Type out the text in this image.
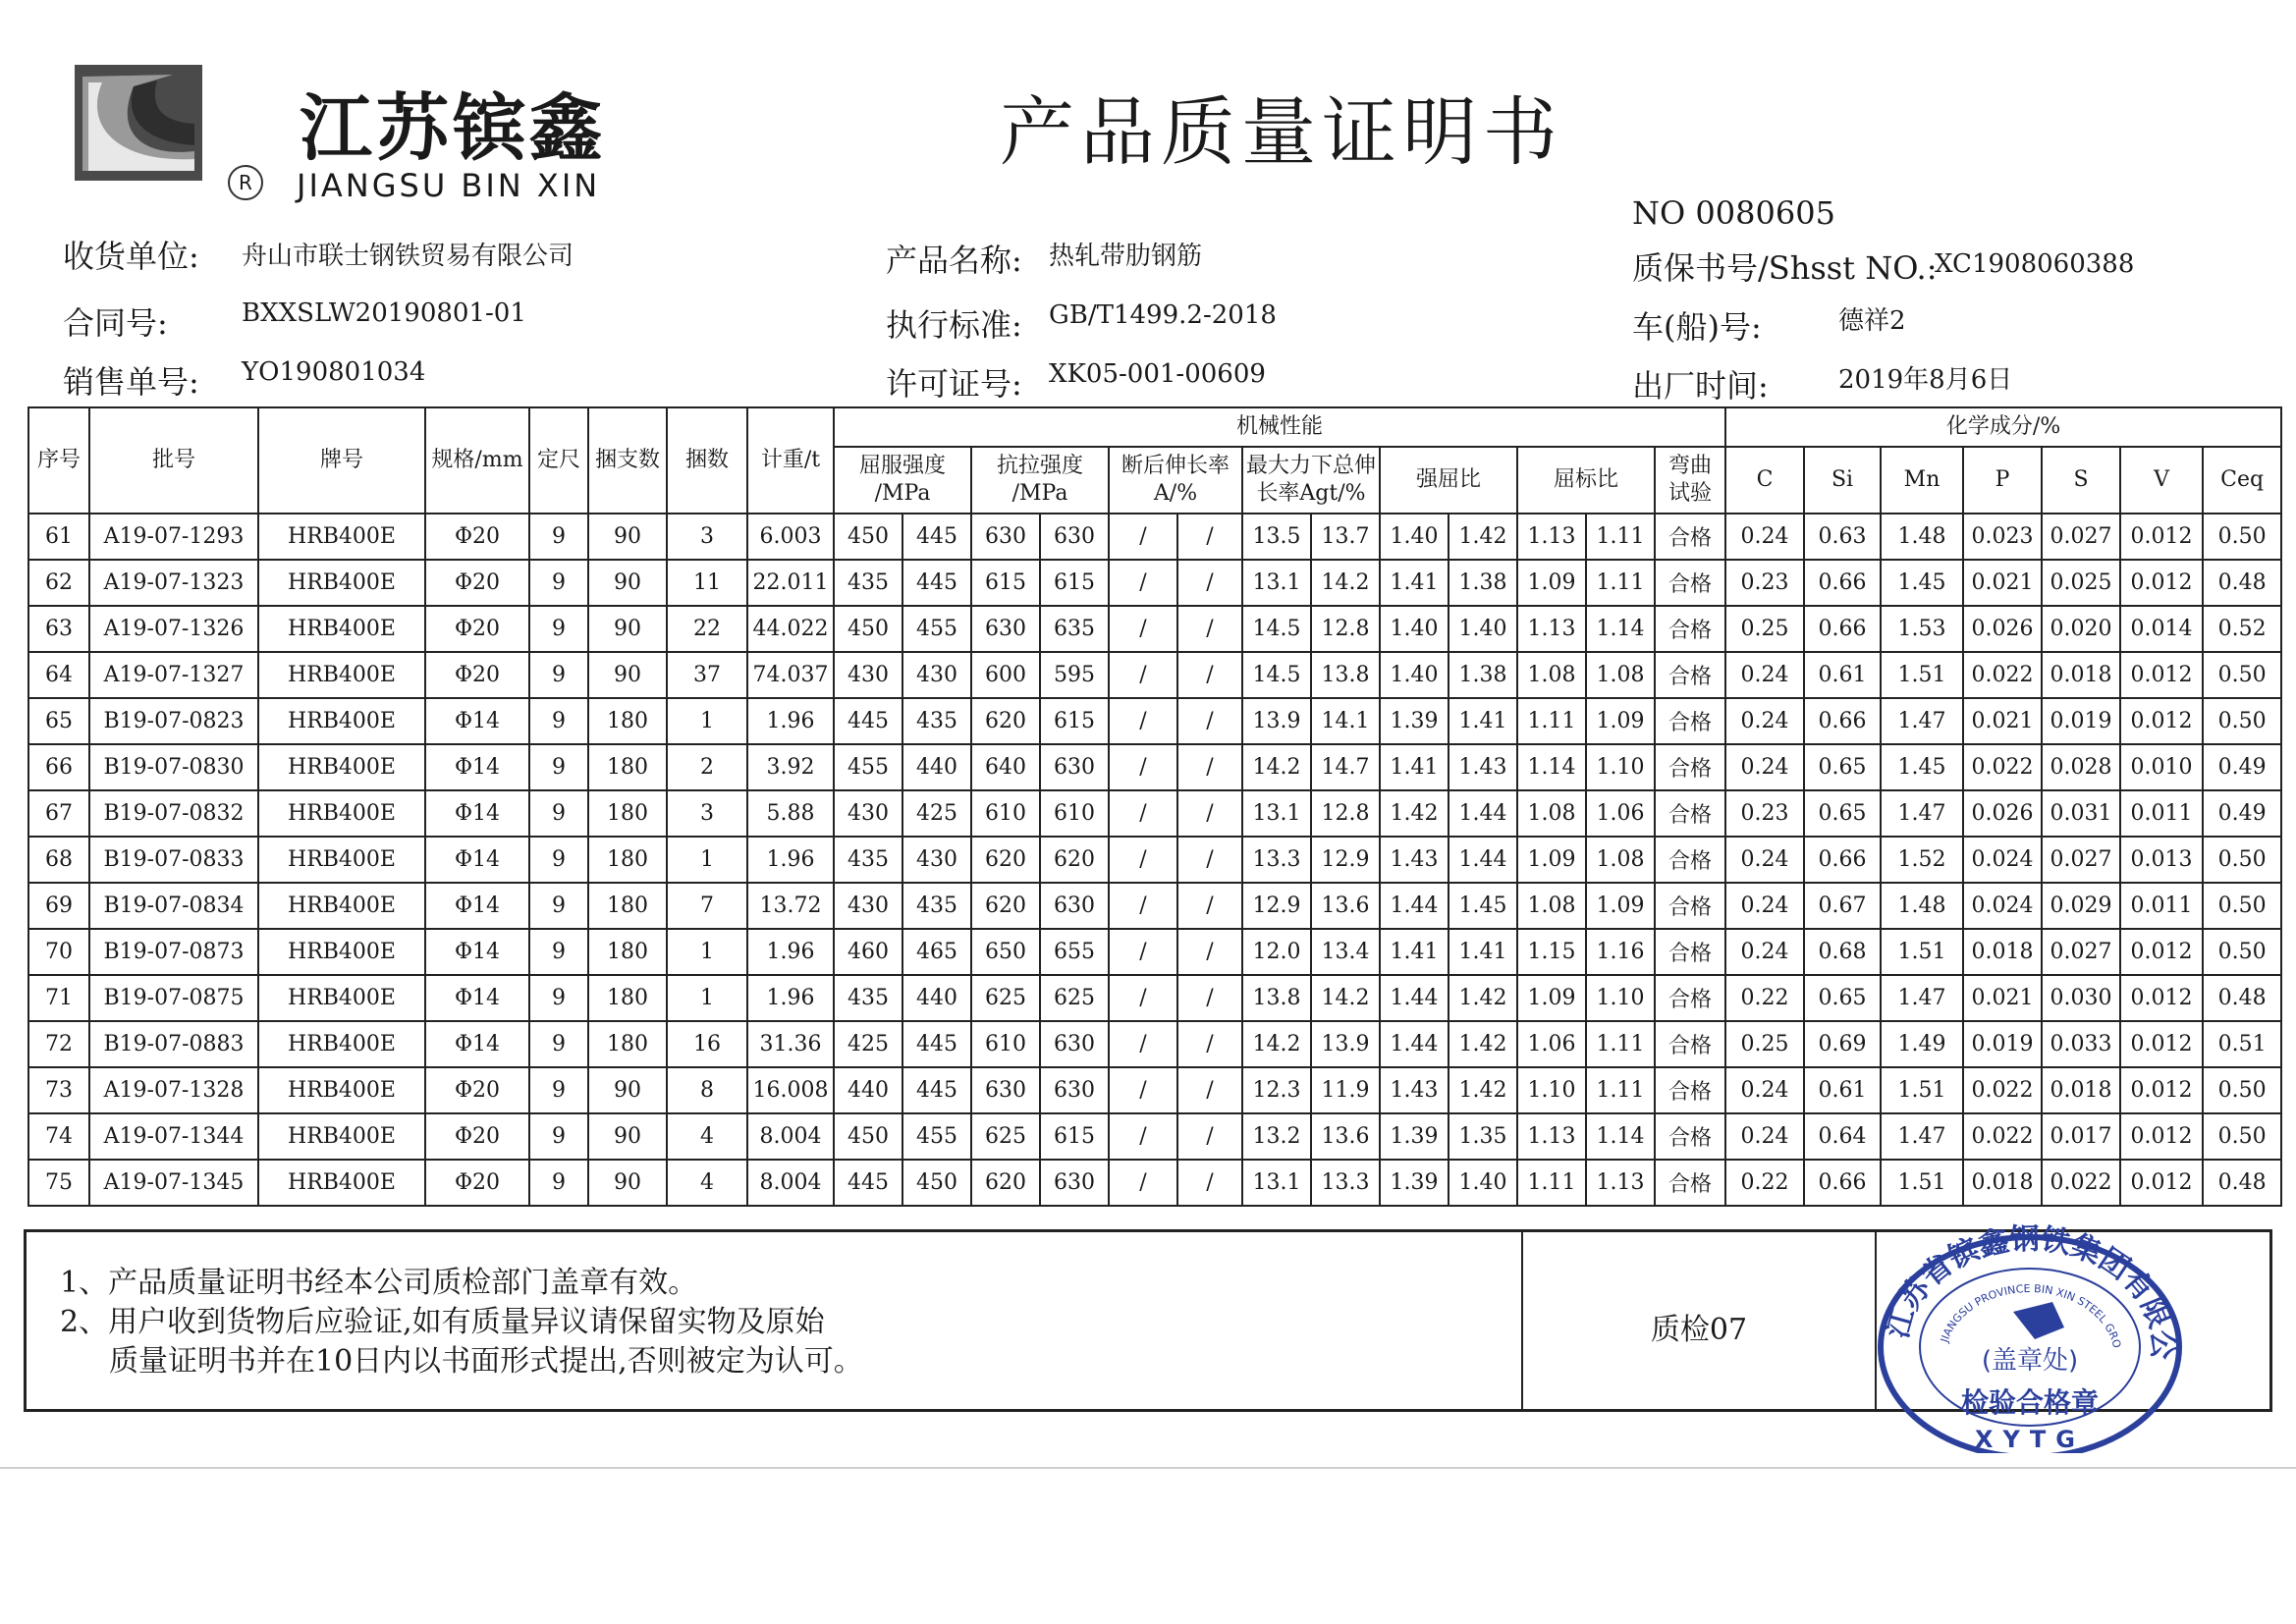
江苏镔鑫
R	JIANGSU BIN XIN
产品质量证明书
NO 0080605
收货单位: 舟山市联士钢铁贸易有限公司
合同号:	BXXSLW20190801-01
销售单号: YO190801034
产品名称: 热轧带肋钢筋
执行标准: GB/T1499.2-2018
许可证号: XK05-001-00609
质保书号/Shsst NO.:
XC1908060388
车(船)号:	德祥2
出厂时间:	2019年8月6日
序号	批号	牌号	规格/mm	定尺	捆支数	捆数	计重/t	机械性能													化学成分/%						
								屈服强度 /MPa		抗拉强度 /MPa		断后伸长率 A/%		最大力下总伸长率Agt/%		强屈比		屈标比		弯曲 试验	C	Si	Mn	P	S	V	Ceq
61	A19-07-1293	HRB400E	Φ20	9	90	3	6.003	450	445	630	630	/	/	13.5	13.7	1.40	1.42	1.13	1.11	合格	0.24	0.63	1.48	0.023	0.027	0.012	0.50
62	A19-07-1323	HRB400E	Φ20	9	90	11	22.011	435	445	615	615	/	/	13.1	14.2	1.41	1.38	1.09	1.11	合格	0.23	0.66	1.45	0.021	0.025	0.012	0.48
63	A19-07-1326	HRB400E	Φ20	9	90	22	44.022	450	455	630	635	/	/	14.5	12.8	1.40	1.40	1.13	1.14	合格	0.25	0.66	1.53	0.026	0.020	0.014	0.52
64	A19-07-1327	HRB400E	Φ20	9	90	37	74.037	430	430	600	595	/	/	14.5	13.8	1.40	1.38	1.08	1.08	合格	0.24	0.61	1.51	0.022	0.018	0.012	0.50
65	B19-07-0823	HRB400E	Φ14	9	180	1	1.96	445	435	620	615	/	/	13.9	14.1	1.39	1.41	1.11	1.09	合格	0.24	0.66	1.47	0.021	0.019	0.012	0.50
66	B19-07-0830	HRB400E	Φ14	9	180	2	3.92	455	440	640	630	/	/	14.2	14.7	1.41	1.43	1.14	1.10	合格	0.24	0.65	1.45	0.022	0.028	0.010	0.49
67	B19-07-0832	HRB400E	Φ14	9	180	3	5.88	430	425	610	610	/	/	13.1	12.8	1.42	1.44	1.08	1.06	合格	0.23	0.65	1.47	0.026	0.031	0.011	0.49
68	B19-07-0833	HRB400E	Φ14	9	180	1	1.96	435	430	620	620	/	/	13.3	12.9	1.43	1.44	1.09	1.08	合格	0.24	0.66	1.52	0.024	0.027	0.013	0.50
69	B19-07-0834	HRB400E	Φ14	9	180	7	13.72	430	435	620	630	/	/	12.9	13.6	1.44	1.45	1.08	1.09	合格	0.24	0.67	1.48	0.024	0.029	0.011	0.50
70	B19-07-0873	HRB400E	Φ14	9	180	1	1.96	460	465	650	655	/	/	12.0	13.4	1.41	1.41	1.15	1.16	合格	0.24	0.68	1.51	0.018	0.027	0.012	0.50
71	B19-07-0875	HRB400E	Φ14	9	180	1	1.96	435	440	625	625	/	/	13.8	14.2	1.44	1.42	1.09	1.10	合格	0.22	0.65	1.47	0.021	0.030	0.012	0.48
72	B19-07-0883	HRB400E	Φ14	9	180	16	31.36	425	445	610	630	/	/	14.2	13.9	1.44	1.42	1.06	1.11	合格	0.25	0.69	1.49	0.019	0.033	0.012	0.51
73	A19-07-1328	HRB400E	Φ20	9	90	8	16.008	440	445	630	630	/	/	12.3	11.9	1.43	1.42	1.10	1.11	合格	0.24	0.61	1.51	0.022	0.018	0.012	0.50
74	A19-07-1344	HRB400E	Φ20	9	90	4	8.004	450	455	625	615	/	/	13.2	13.6	1.39	1.35	1.13	1.14	合格	0.24	0.64	1.47	0.022	0.017	0.012	0.50
75	A19-07-1345	HRB400E	Φ20	9	90	4	8.004	445	450	620	630	/	/	13.1	13.3	1.39	1.40	1.11	1.13	合格	0.22	0.66	1.51	0.018	0.022	0.012	0.48
1、产品质量证明书经本公司质检部门盖章有效。
2、用户收到货物后应验证,如有质量异议请保留实物及原始
质量证明书并在10日内以书面形式提出,否则被定为认可。
质检07	江苏省镔鑫钢铁集团有限公
JIANGSU PROVINCE BIN XIN STEEL GRO
(盖章处)
检验合格章
XYTG
